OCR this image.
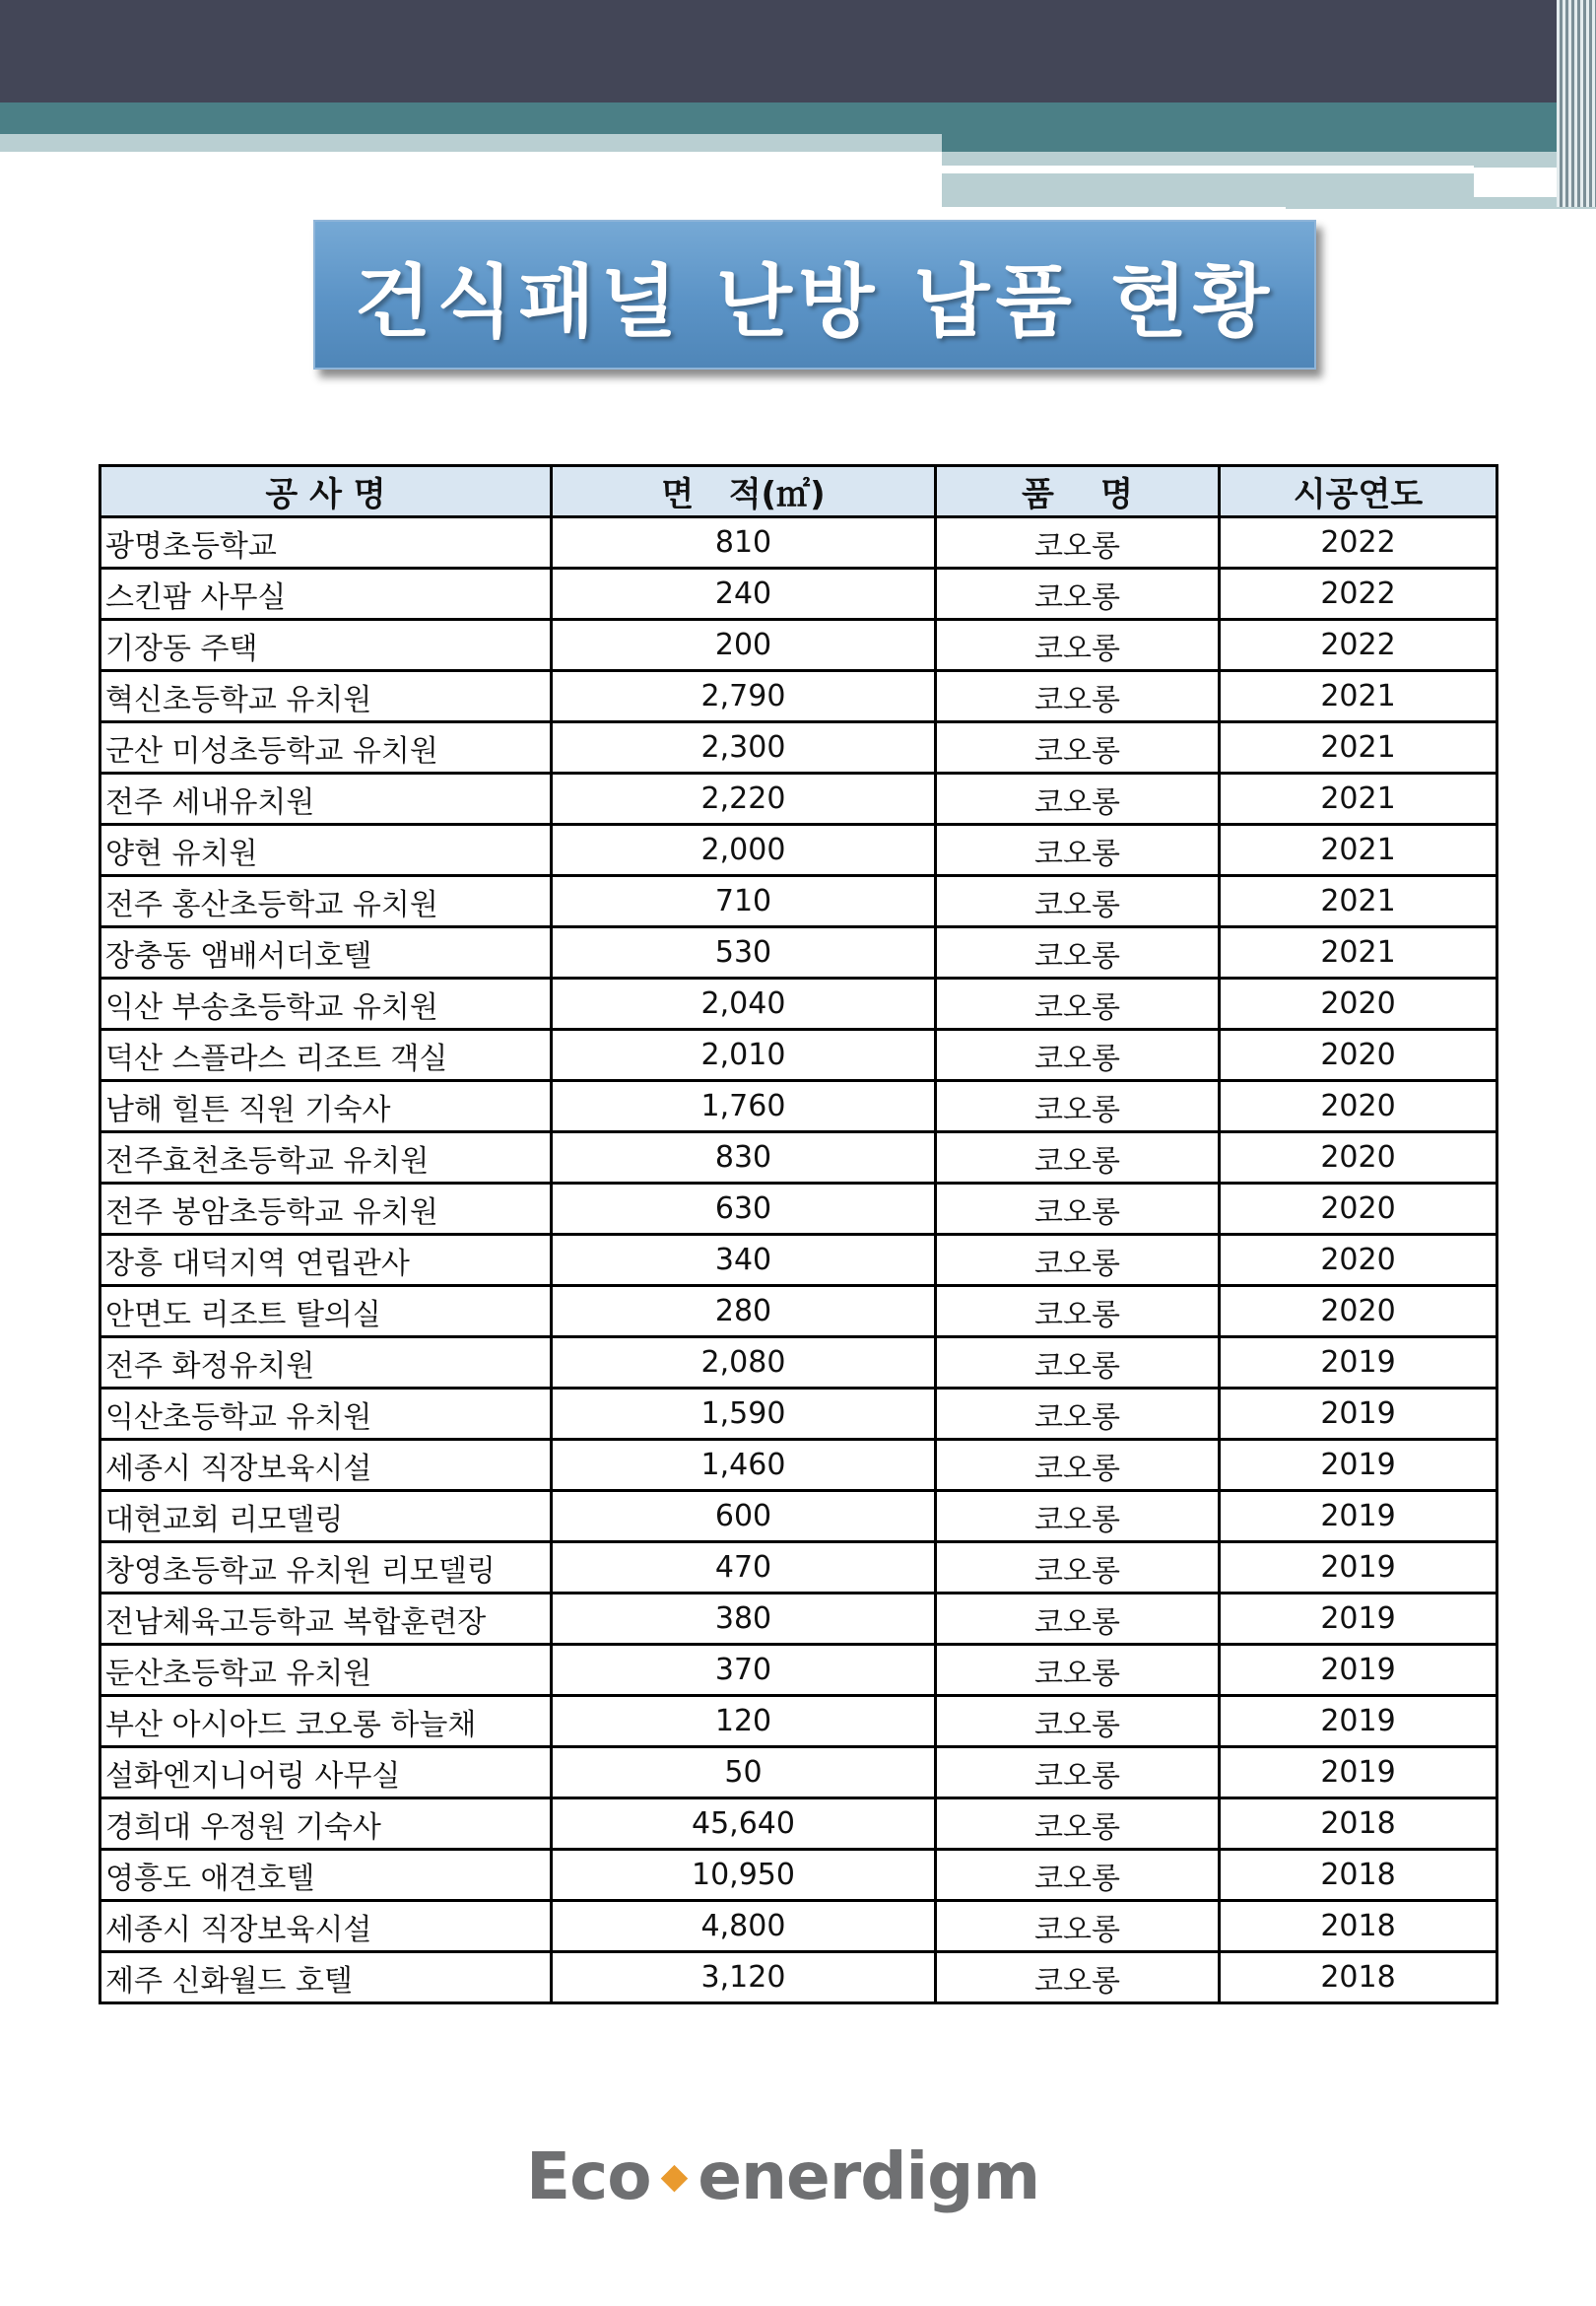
건식패널 난방 납품 현황
공 사 명	면   적(㎡)	품    명	시공연도
광명초등학교	810	코오롱	2022
스킨팜 사무실	240	코오롱	2022
기장동 주택	200	코오롱	2022
혁신초등학교 유치원	2,790	코오롱	2021
군산 미성초등학교 유치원	2,300	코오롱	2021
전주 세내유치원	2,220	코오롱	2021
양현 유치원	2,000	코오롱	2021
전주 홍산초등학교 유치원	710	코오롱	2021
장충동 앰배서더호텔	530	코오롱	2021
익산 부송초등학교 유치원	2,040	코오롱	2020
덕산 스플라스 리조트 객실	2,010	코오롱	2020
남해 힐튼 직원 기숙사	1,760	코오롱	2020
전주효천초등학교 유치원	830	코오롱	2020
전주 봉암초등학교 유치원	630	코오롱	2020
장흥 대덕지역 연립관사	340	코오롱	2020
안면도 리조트 탈의실	280	코오롱	2020
전주 화정유치원	2,080	코오롱	2019
익산초등학교 유치원	1,590	코오롱	2019
세종시 직장보육시설	1,460	코오롱	2019
대현교회 리모델링	600	코오롱	2019
창영초등학교 유치원 리모델링	470	코오롱	2019
전남체육고등학교 복합훈련장	380	코오롱	2019
둔산초등학교 유치원	370	코오롱	2019
부산 아시아드 코오롱 하늘채	120	코오롱	2019
설화엔지니어링 사무실	50	코오롱	2019
경희대 우정원 기숙사	45,640	코오롱	2018
영흥도 애견호텔	10,950	코오롱	2018
세종시 직장보육시설	4,800	코오롱	2018
제주 신화월드 호텔	3,120	코오롱	2018
Eco ◆ enerdigm
